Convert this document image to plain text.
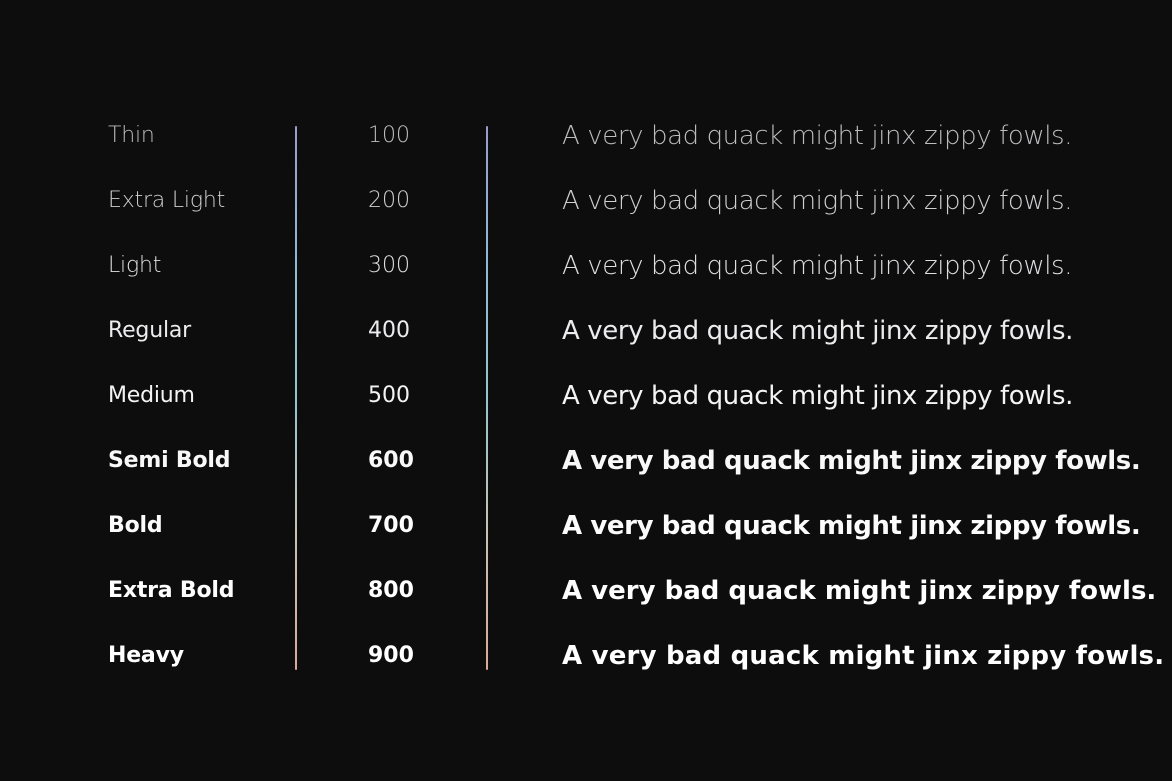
Thin	100	A very bad quack might jinx zippy fowls.
Extra Light	200	A very bad quack might jinx zippy fowls.
Light	300	A very bad quack might jinx zippy fowls.
Regular	400	A very bad quack might jinx zippy fowls.
Medium	500	A very bad quack might jinx zippy fowls.
Semi Bold	600	A very bad quack might jinx zippy fowls.
Bold	700	A very bad quack might jinx zippy fowls.
Extra Bold	800	A very bad quack might jinx zippy fowls.
Heavy	900	A very bad quack might jinx zippy fowls.
